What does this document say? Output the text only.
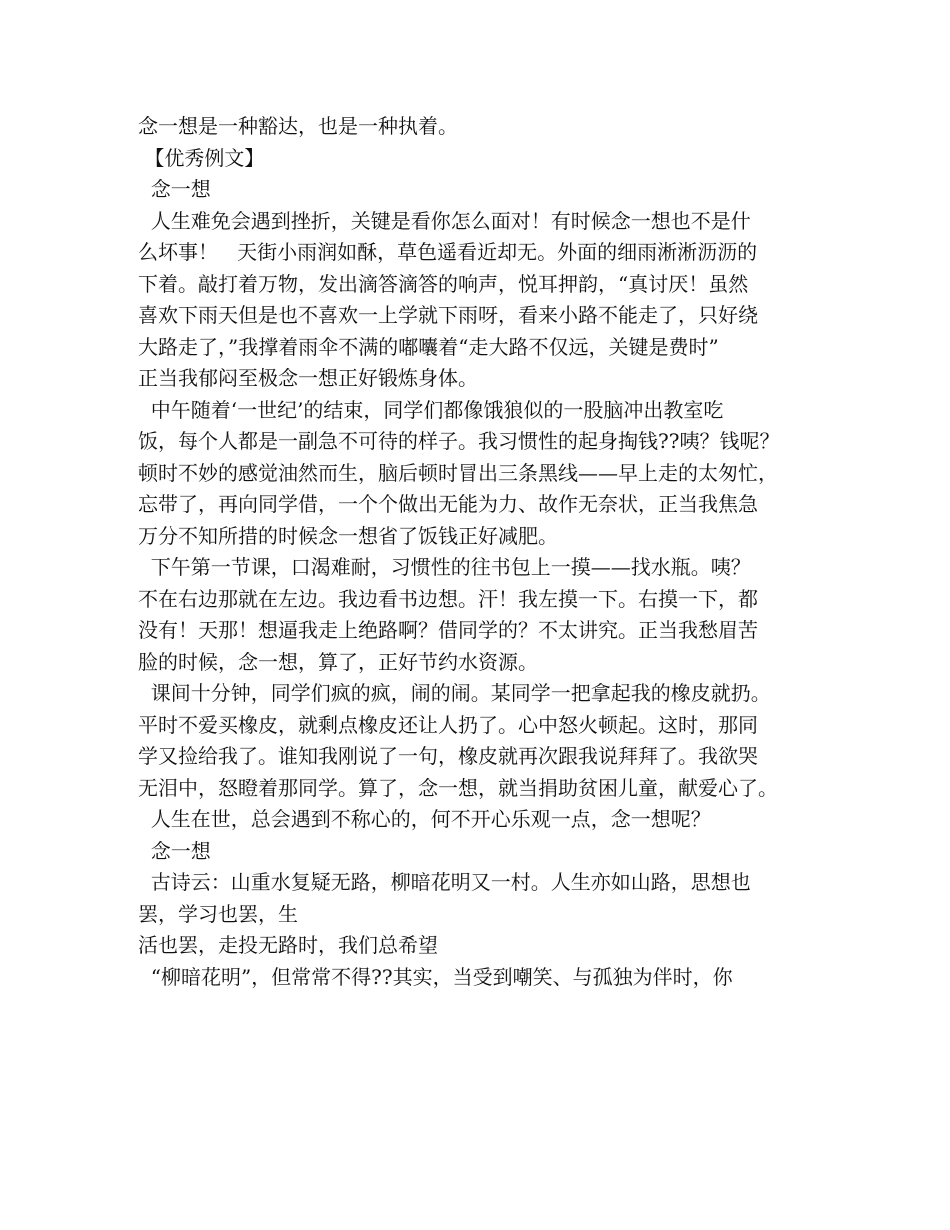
念一想是一种豁达，也是一种执着。
【优秀例文】
念一想
人生难免会遇到挫折，关键是看你怎么面对！有时候念一想也不是什
么坏事！   天街小雨润如酥，草色遥看近却无。外面的细雨淅淅沥沥的
下着。敲打着万物，发出滴答滴答的响声，悦耳押韵，“真讨厌！虽然
喜欢下雨天但是也不喜欢一上学就下雨呀，看来小路不能走了，只好绕
大路走了，”我撑着雨伞不满的嘟囔着“走大路不仅远，关键是费时”
正当我郁闷至极念一想正好锻炼身体。
中午随着‘一世纪’的结束，同学们都像饿狼似的一股脑冲出教室吃
饭，每个人都是一副急不可待的样子。我习惯性的起身掏钱??咦？钱呢？
顿时不妙的感觉油然而生，脑后顿时冒出三条黑线——早上走的太匆忙，
忘带了，再向同学借，一个个做出无能为力、故作无奈状，正当我焦急
万分不知所措的时候念一想省了饭钱正好减肥。
下午第一节课，口渴难耐，习惯性的往书包上一摸——找水瓶。咦？
不在右边那就在左边。我边看书边想。汗！我左摸一下。右摸一下，都
没有！天那！想逼我走上绝路啊？借同学的？不太讲究。正当我愁眉苦
脸的时候，念一想，算了，正好节约水资源。
课间十分钟，同学们疯的疯，闹的闹。某同学一把拿起我的橡皮就扔。
平时不爱买橡皮，就剩点橡皮还让人扔了。心中怒火顿起。这时，那同
学又捡给我了。谁知我刚说了一句，橡皮就再次跟我说拜拜了。我欲哭
无泪中，怒瞪着那同学。算了，念一想，就当捐助贫困儿童，献爱心了。
人生在世，总会遇到不称心的，何不开心乐观一点，念一想呢？
念一想
古诗云：山重水复疑无路，柳暗花明又一村。人生亦如山路，思想也
罢，学习也罢，生
活也罢，走投无路时，我们总希望
“柳暗花明”，但常常不得??其实，当受到嘲笑、与孤独为伴时，你
